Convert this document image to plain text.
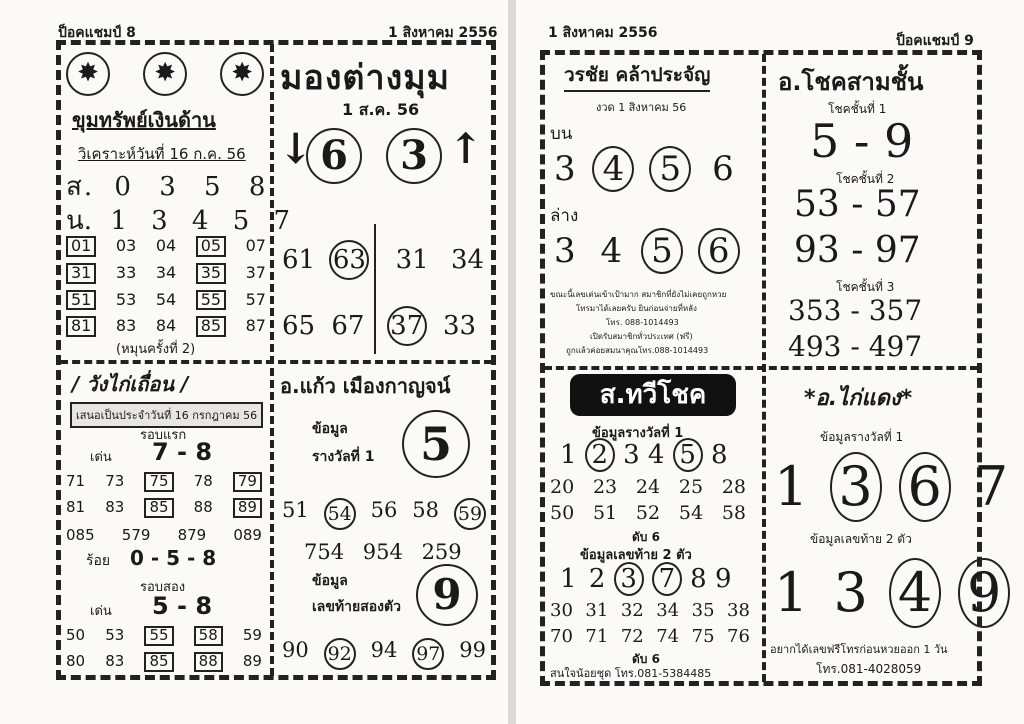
ป็อคแชมป์ 8	1 สิงหาคม 2556
✸ ✸ ✸
ขุมทรัพย์เงินด้าน
วิเคราะห์วันที่ 16 ก.ค. 56
ส. 0 3 5 8
น. 1 3 4 5 7
01	03 04	05	07
31	33 34	35	37
51	53 54	55	57
81	83 84	85	87
(หมุนครั้งที่ 2)
มองต่างมุม
1 ส.ค. 56
↓ 6	3 ↑
61 63 31 34
65 67 37 33
/ วังไก่เถื่อน /
เสนอเป็นประจำวันที่ 16 กรกฎาคม 56
รอบแรก
เด่น 7 - 8
71 73	75	78	79
81 83	85	88	89
085 579 879 089
ร้อย 0 - 5 - 8
รอบสอง
เด่น 5 - 8
50 53	55	58	59
80 83	85	88	89
อ.แก้ว เมืองกาญจน์
ข้อมูล
รางวัลที่ 1 5
51 54 56 58 59
754 954 259
ข้อมูล
เลขท้ายสองตัว 9
90 92 94 97 99
1 สิงหาคม 2556	ป็อคแชมป์ 9
วรชัย คล้าประจัญ
งวด 1 สิงหาคม 56
บน
3 4 5 6
ล่าง
3 4 5 6
ขณะนี้เลขเด่นเข้าเป้ามาก สมาชิกที่ยังไม่เคยถูกหวย
โทรมาได้เลยครับ ยินก่อนจ่ายที่หลัง
โทร. 088-1014493
เปิดรับสมาชิกทั่วประเทศ (ฟรี)
ถูกแล้วค่อยสมนาคุณโทร.088-1014493
อ.โชคสามชั้น
โชคชั้นที่ 1
5 - 9
โชคชั้นที่ 2
53 - 57
93 - 97
โชคชั้นที่ 3
353 - 357
493 - 497
ส.ทวีโชค
ข้อมูลรางวัลที่ 1
1 2 3 4 5 8
20 23 24 25 28
50 51 52 54 58
ดับ 6
ข้อมูลเลขท้าย 2 ตัว
1 2 3 7 8 9
30 31 32 34 35 38
70 71 72 74 75 76
ดับ 6
สนใจน้อยชุด โทร.081-5384485
*อ.ไก่แดง*
ข้อมูลรางวัลที่ 1
1 3 6 7
ข้อมูลเลขท้าย 2 ตัว
1 3 4 9
อยากได้เลขฟรีโทรก่อนหวยออก 1 วัน
โทร.081-4028059
